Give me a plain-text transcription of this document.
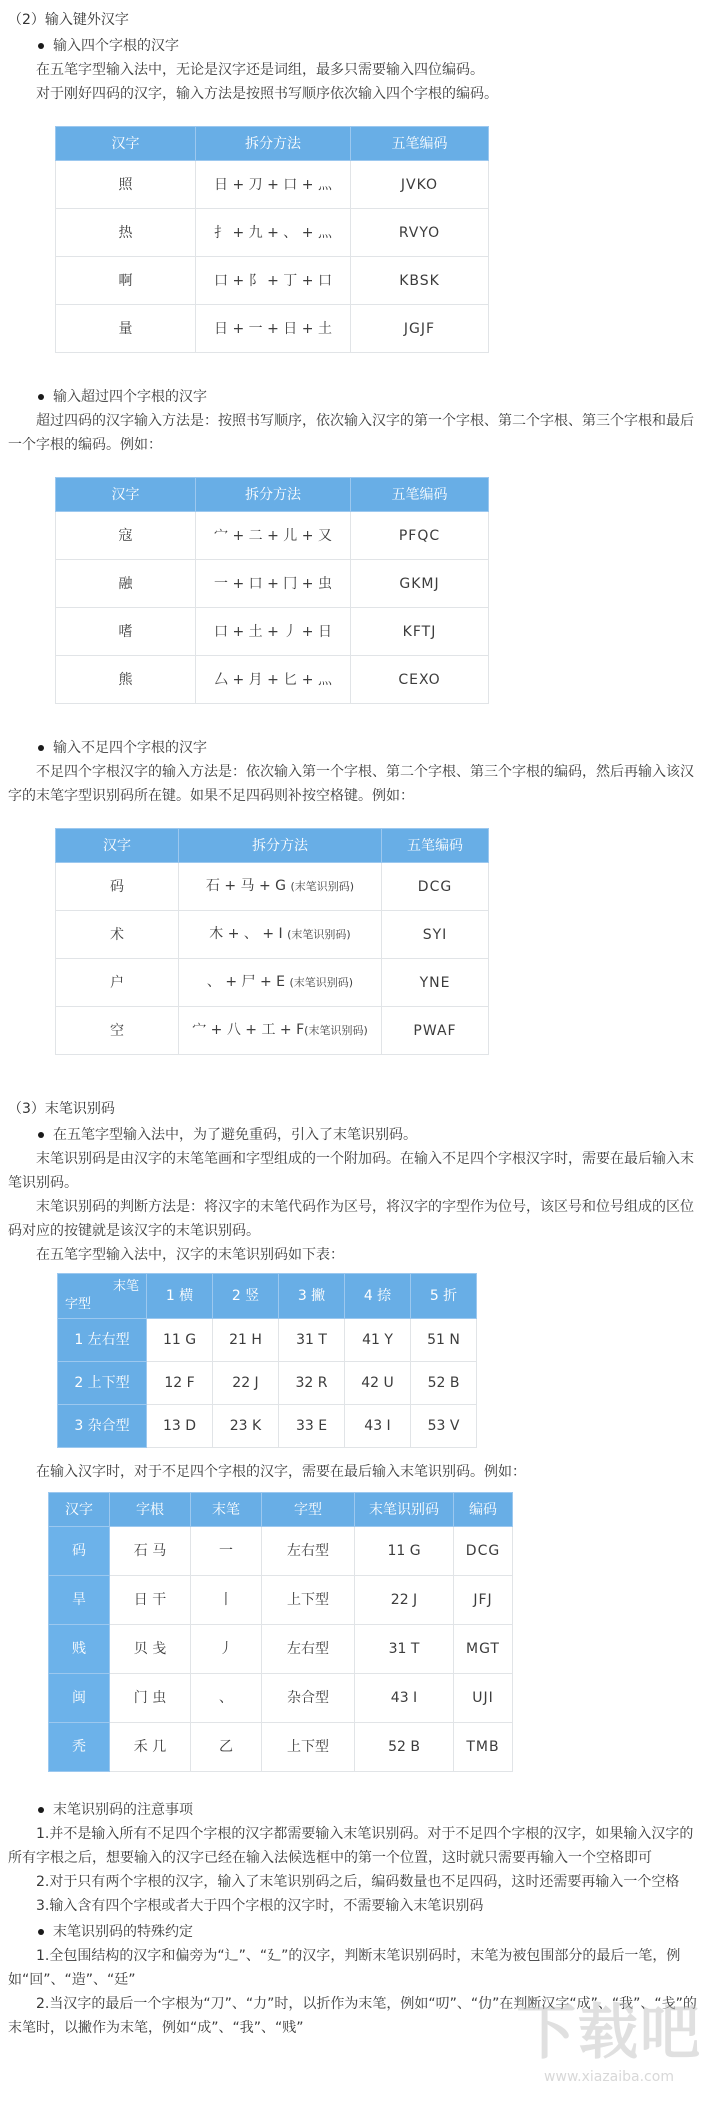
（2）输入键外汉字
输入四个字根的汉字

在五笔字型输入法中，无论是汉字还是词组，最多只需要输入四位编码。

对于刚好四码的汉字，输入方法是按照书写顺序依次输入四个字根的编码。

汉字	拆分方法	五笔编码
照	日 + 刀 + 口 + 灬	JVKO
热	扌 + 九 + 、 + 灬	RVYO
啊	口 + 阝 + 丁 + 口	KBSK
量	日 + 一 + 日 + 土	JGJF
输入超过四个字根的汉字

超过四码的汉字输入方法是：按照书写顺序，依次输入汉字的第一个字根、第二个字根、第三个字根和最后一个字根的编码。例如：

汉字	拆分方法	五笔编码
寇	宀 + 二 + 儿 + 又	PFQC
融	一 + 口 + 冂 + 虫	GKMJ
嗜	口 + 土 + 丿 + 日	KFTJ
熊	厶 + 月 + 匕 + 灬	CEXO
输入不足四个字根的汉字

不足四个字根汉字的输入方法是：依次输入第一个字根、第二个字根、第三个字根的编码，然后再输入该汉字的末笔字型识别码所在键。如果不足四码则补按空格键。例如：

汉字	拆分方法	五笔编码
码	石 + 马 + G (末笔识别码)	DCG
术	木 + 、 + I (末笔识别码)	SYI
户	、 + 尸 + E (末笔识别码)	YNE
空	宀 + 八 + 工 + F(末笔识别码)	PWAF
（3）末笔识别码
在五笔字型输入法中，为了避免重码，引入了末笔识别码。

末笔识别码是由汉字的末笔笔画和字型组成的一个附加码。在输入不足四个字根汉字时，需要在最后输入末笔识别码。

末笔识别码的判断方法是：将汉字的末笔代码作为区号，将汉字的字型作为位号，该区号和位号组成的区位码对应的按键就是该汉字的末笔识别码。

在五笔字型输入法中，汉字的末笔识别码如下表：

末笔
字型	1 横	2 竖	3 撇	4 捺	5 折
1 左右型	11 G	21 H	31 T	41 Y	51 N
2 上下型	12 F	22 J	32 R	42 U	52 B
3 杂合型	13 D	23 K	33 E	43 I	53 V

在输入汉字时，对于不足四个字根的汉字，需要在最后输入末笔识别码。例如：

汉字	字根	末笔	字型	末笔识别码	编码
码	石 马	一	左右型	11 G	DCG
旱	日 干	丨	上下型	22 J	JFJ
贱	贝 戋	丿	左右型	31 T	MGT
闽	门 虫	、	杂合型	43 I	UJI
秃	禾 几	乙	上下型	52 B	TMB
末笔识别码的注意事项

1.并不是输入所有不足四个字根的汉字都需要输入末笔识别码。对于不足四个字根的汉字，如果输入汉字的所有字根之后，想要输入的汉字已经在输入法候选框中的第一个位置，这时就只需要再输入一个空格即可

2.对于只有两个字根的汉字，输入了末笔识别码之后，编码数量也不足四码，这时还需要再输入一个空格

3.输入含有四个字根或者大于四个字根的汉字时，不需要输入末笔识别码

末笔识别码的特殊约定

1.全包围结构的汉字和偏旁为“辶”、“廴”的汉字，判断末笔识别码时，末笔为被包围部分的最后一笔，例如“回”、“造”、“廷”

2.当汉字的最后一个字根为“刀”、“力”时，以折作为末笔，例如“叨”、“仂”在判断汉字“成”、“我”、“戋”的末笔时，以撇作为末笔，例如“成”、“我”、“贱”	下载吧
www.xiazaiba.com
